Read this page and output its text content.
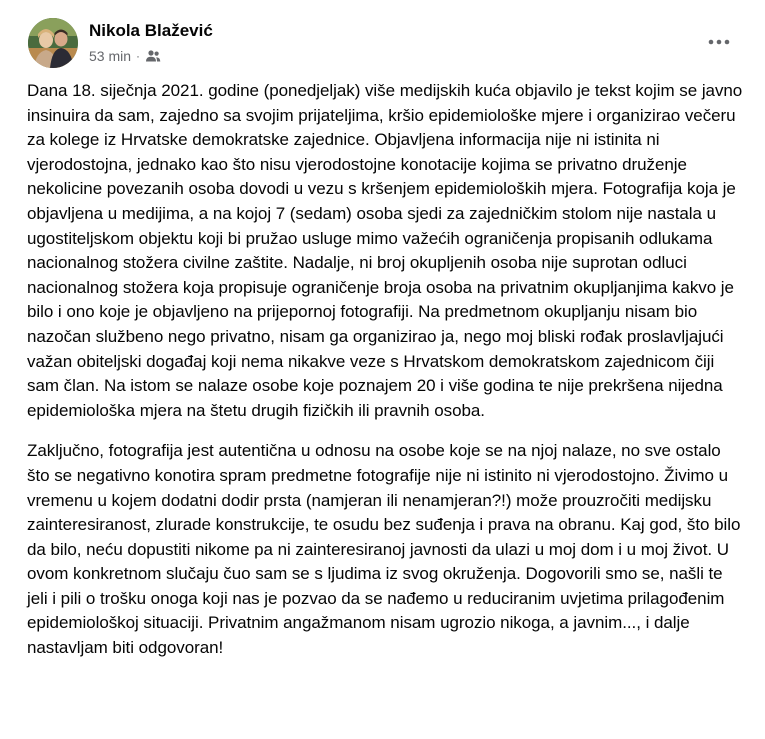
Nikola Blažević
53 min ·

Dana 18. siječnja 2021. godine (ponedjeljak) više medijskih kuća objavilo je tekst kojim se javno insinuira da sam, zajedno sa svojim prijateljima, kršio epidemiološke mjere i organizirao večeru za kolege iz Hrvatske demokratske zajednice. Objavljena informacija nije ni istinita ni vjerodostojna, jednako kao što nisu vjerodostojne konotacije kojima se privatno druženje nekolicine povezanih osoba dovodi u vezu s kršenjem epidemioloških mjera. Fotografija koja je objavljena u medijima, a na kojoj 7 (sedam) osoba sjedi za zajedničkim stolom nije nastala u ugostiteljskom objektu koji bi pružao usluge mimo važećih ograničenja propisanih odlukama nacionalnog stožera civilne zaštite. Nadalje, ni broj okupljenih osoba nije suprotan odluci nacionalnog stožera koja propisuje ograničenje broja osoba na privatnim okupljanjima kakvo je bilo i ono koje je objavljeno na prijepornoj fotografiji. Na predmetnom okupljanju nisam bio nazočan službeno nego privatno, nisam ga organizirao ja, nego moj bliski rođak proslavljajući važan obiteljski događaj koji nema nikakve veze s Hrvatskom demokratskom zajednicom čiji sam član. Na istom se nalaze osobe koje poznajem 20 i više godina te nije prekršena nijedna epidemiološka mjera na štetu drugih fizičkih ili pravnih osoba.

Zaključno, fotografija jest autentična u odnosu na osobe koje se na njoj nalaze, no sve ostalo što se negativno konotira spram predmetne fotografije nije ni istinito ni vjerodostojno. Živimo u vremenu u kojem dodatni dodir prsta (namjeran ili nenamjeran?!) može prouzročiti medijsku zainteresiranost, zlurade konstrukcije, te osudu bez suđenja i prava na obranu. Kaj god, što bilo da bilo, neću dopustiti nikome pa ni zainteresiranoj javnosti da ulazi u moj dom i u moj život. U ovom konkretnom slučaju čuo sam se s ljudima iz svog okruženja. Dogovorili smo se, našli te jeli i pili o trošku onoga koji nas je pozvao da se nađemo u reduciranim uvjetima prilagođenim epidemiološkoj situaciji. Privatnim angažmanom nisam ugrozio nikoga, a javnim..., i dalje nastavljam biti odgovoran!
